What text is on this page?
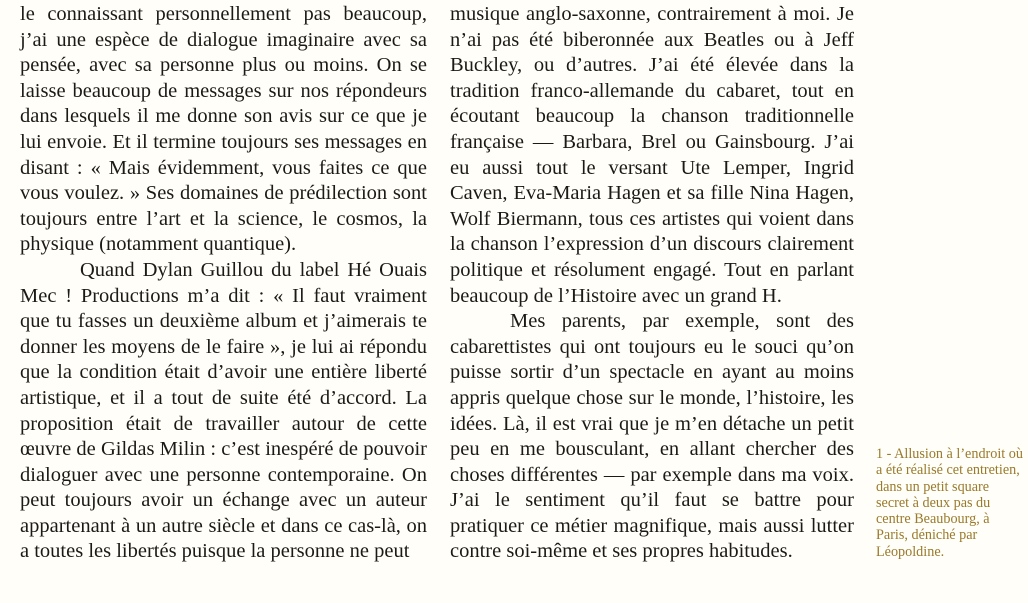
le connaissant personnellement pas beaucoup, j’ai une espèce de dialogue imaginaire avec sa pensée, avec sa personne plus ou moins. On se laisse beaucoup de messages sur nos répondeurs dans lesquels il me donne son avis sur ce que je lui envoie. Et il termine toujours ses messages en disant : « Mais évidemment, vous faites ce que vous voulez. » Ses domaines de prédilection sont toujours entre l’art et la science, le cosmos, la physique (notamment quantique).

Quand Dylan Guillou du label Hé Ouais Mec ! Productions m’a dit : « Il faut vraiment que tu fasses un deuxième album et j’aimerais te donner les moyens de le faire », je lui ai répondu que la condition était d’avoir une entière liberté artistique, et il a tout de suite été d’accord. La proposition était de travailler autour de cette œuvre de Gildas Milin : c’est inespéré de pouvoir dialoguer avec une personne contemporaine. On peut toujours avoir un échange avec un auteur appartenant à un autre siècle et dans ce cas-là, on a toutes les libertés puisque la personne ne peut

musique anglo-saxonne, contrairement à moi. Je n’ai pas été biberonnée aux Beatles ou à Jeff Buckley, ou d’autres. J’ai été élevée dans la tradition franco-allemande du cabaret, tout en écoutant beaucoup la chanson traditionnelle française — Barbara, Brel ou Gainsbourg. J’ai eu aussi tout le versant Ute Lemper, Ingrid Caven, Eva-Maria Hagen et sa fille Nina Hagen, Wolf Biermann, tous ces artistes qui voient dans la chanson l’expression d’un discours clairement politique et résolument engagé. Tout en parlant beaucoup de l’Histoire avec un grand H.

Mes parents, par exemple, sont des cabarettistes qui ont toujours eu le souci qu’on puisse sortir d’un spectacle en ayant au moins appris quelque chose sur le monde, l’histoire, les idées. Là, il est vrai que je m’en détache un petit peu en me bousculant, en allant chercher des choses différentes — par exemple dans ma voix. J’ai le sentiment qu’il faut se battre pour pratiquer ce métier magnifique, mais aussi lutter contre soi-même et ses propres habitudes.

1 - Allusion à l’endroit où a été réalisé cet entretien, dans un petit square secret à deux pas du centre Beaubourg, à Paris, déniché par Léopoldine.
